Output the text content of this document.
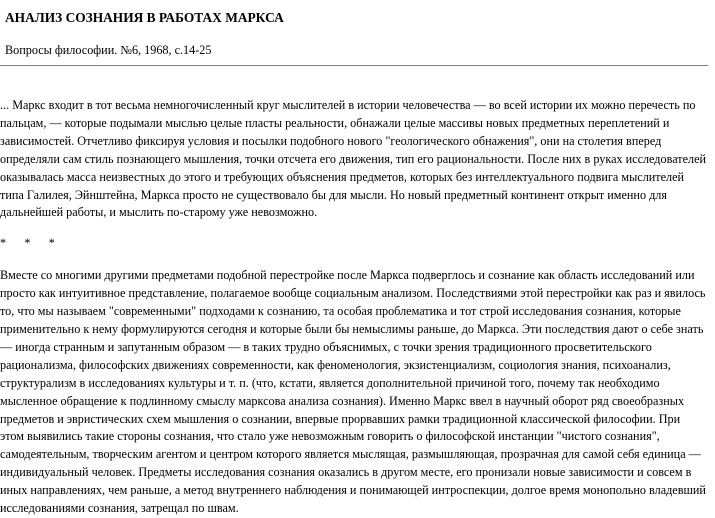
АНАЛИЗ СОЗНАНИЯ В РАБОТАХ МАРКСА

Вопросы философии. №6, 1968, с.14-25

... Маркс входит в тот весьма немногочисленный круг мыслителей в истории человечества — во всей истории их можно перечесть по пальцам, — которые подымали мыслью целые пласты реальности, обнажали целые массивы новых предметных переплетений и зависимостей. Отчетливо фиксируя условия и посылки подобного нового "геологического обнажения", они на столетия вперед определяли сам стиль познающего мышления, точки отсчета его движения, тип его рациональности. После них в руках исследователей оказывалась масса неизвестных до этого и требующих объяснения предметов, которых без интеллектуального подвига мыслителей типа Галилея, Эйнштейна, Маркса просто не существовало бы для мысли. Но новый предметный континент открыт именно для дальнейшей работы, и мыслить по-старому уже невозможно.

*      *      *

Вместе со многими другими предметами подобной перестройке после Маркса подверглось и сознание как область исследований или просто как интуитивное представление, полагаемое вообще социальным анализом. Последствиями этой перестройки как раз и явилось то, что мы называем "современными" подходами к сознанию, та особая проблематика и тот строй исследования сознания, которые применительно к нему формулируются сегодня и которые были бы немыслимы раньше, до Маркса. Эти последствия дают о себе знать — иногда странным и запутанным образом — в таких трудно объяснимых, с точки зрения традиционного просветительского рационализма, философских движениях современности, как феноменология, экзистенциализм, социология знания, психоанализ, структурализм в исследованиях культуры и т. п. (что, кстати, является дополнительной причиной того, почему так необходимо мысленное обращение к подлинному смыслу марксова анализа сознания). Именно Маркс ввел в научный оборот ряд своеобразных предметов и эвристических схем мышления о сознании, впервые прорвавших рамки традиционной классической философии. При этом выявились такие стороны сознания, что стало уже невозможным говорить о философской инстанции "чистого сознания", самодеятельным, творческим агентом и центром которого является мыслящая, размышляющая, прозрачная для самой себя единица — индивидуальный человек. Предметы исследования сознания оказались в другом месте, его пронизали новые зависимости и совсем в иных направлениях, чем раньше, а метод внутреннего наблюдения и понимающей интроспекции, долгое время монопольно владевший исследованиями сознания, затрещал по швам.
